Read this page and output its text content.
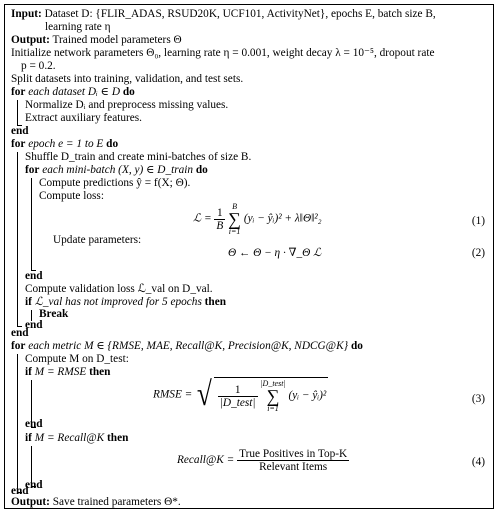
Input: Dataset D: {FLIR_ADAS, RSUD20K, UCF101, ActivityNet}, epochs E, batch size B,
learning rate η
Output: Trained model parameters Θ
Initialize network parameters Θ₀, learning rate η = 0.001, weight decay λ = 10⁻⁵, dropout rate
p = 0.2.
Split datasets into training, validation, and test sets.
for each dataset Dᵢ ∈ D do
Normalize Dᵢ and preprocess missing values.
Extract auxiliary features.
end
for epoch e = 1 to E do
Shuffle D_train and create mini-batches of size B.
for each mini-batch (X, y) ∈ D_train do
Compute predictions ŷ = f(X; Θ).
Compute loss:
ℒ = $\frac{1}{B}$
B
∑
i=1
(yᵢ − ŷᵢ)² + λ‖Θ‖²₂	(1)
Update parameters:
Θ ← Θ − η · ∇_Θ ℒ	(2)
end
Compute validation loss ℒ_val on D_val.
if ℒ_val has not improved for 5 epochs then
Break
end
end
for each metric M ∈ {RMSE, MAE, Recall@K, Precision@K, NDCG@K} do
Compute M on D_test:
if M = RMSE then
RMSE = √ $\frac{1}{\text{|D\_test|}}$
|D_test|
∑
i=1
(yᵢ − ŷᵢ)²	(3)
end
if M = Recall@K then
Recall@K = $\frac{\text{True Positives in Top-K}}{\text{Relevant Items}}$	(4)
end
end
Output: Save trained parameters Θ*.
